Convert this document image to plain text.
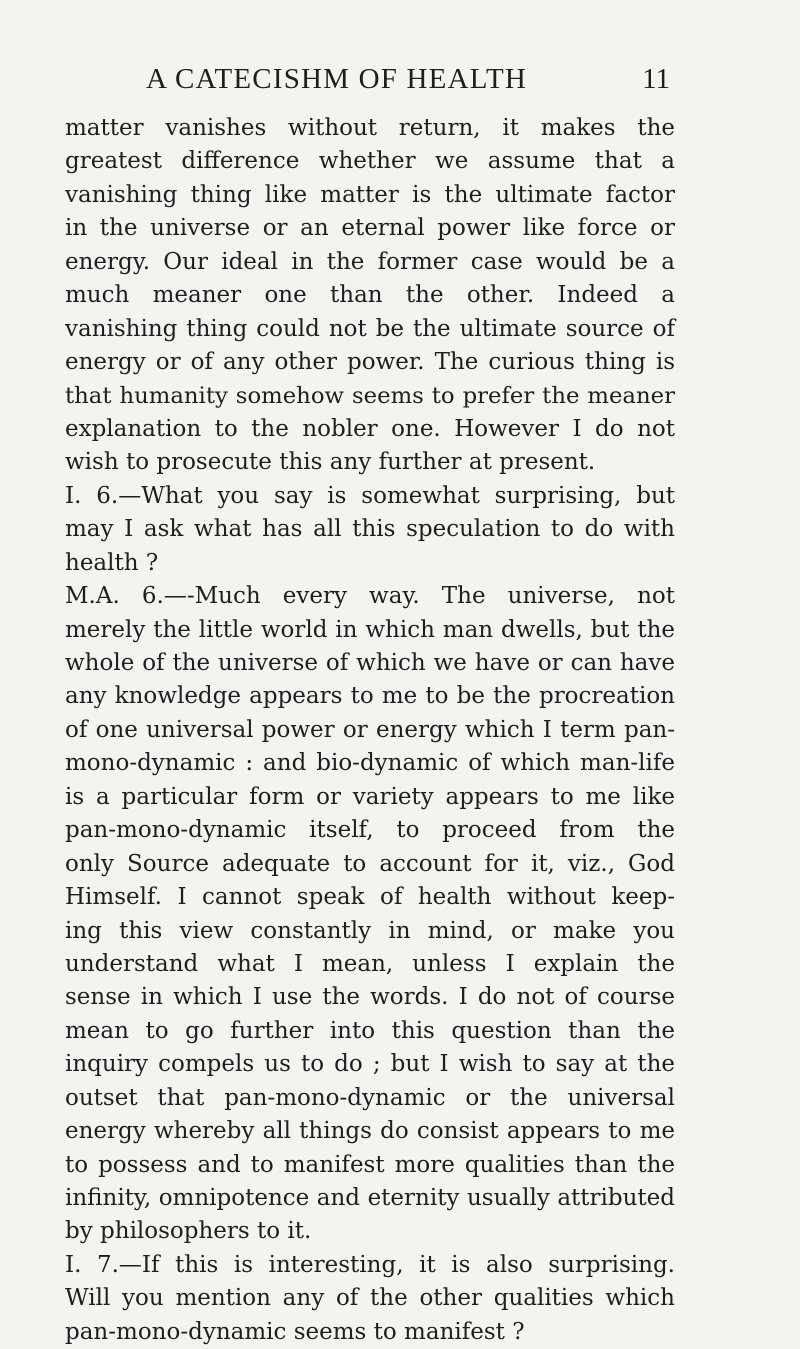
A CATECISHM OF HEALTH	11
matter vanishes without return, it makes the
greatest difference whether we assume that a
vanishing thing like matter is the ultimate factor
in the universe or an eternal power like force or
energy. Our ideal in the former case would be a
much meaner one than the other. Indeed a
vanishing thing could not be the ultimate source of
energy or of any other power. The curious thing is
that humanity somehow seems to prefer the meaner
explanation to the nobler one. However I do not
wish to prosecute this any further at present.
I. 6.—What you say is somewhat surprising, but
may I ask what has all this speculation to do with
health ?
M.A. 6.—-Much every way. The universe, not
merely the little world in which man dwells, but the
whole of the universe of which we have or can have
any knowledge appears to me to be the procreation
of one universal power or energy which I term pan-
mono-dynamic : and bio-dynamic of which man-life
is a particular form or variety appears to me like
pan-mono-dynamic itself, to proceed from the
only Source adequate to account for it, viz., God
Himself. I cannot speak of health without keep-
ing this view constantly in mind, or make you
understand what I mean, unless I explain the
sense in which I use the words. I do not of course
mean to go further into this question than the
inquiry compels us to do ; but I wish to say at the
outset that pan-mono-dynamic or the universal
energy whereby all things do consist appears to me
to possess and to manifest more qualities than the
infinity, omnipotence and eternity usually attributed
by philosophers to it.
I. 7.—If this is interesting, it is also surprising.
Will you mention any of the other qualities which
pan-mono-dynamic seems to manifest ?
